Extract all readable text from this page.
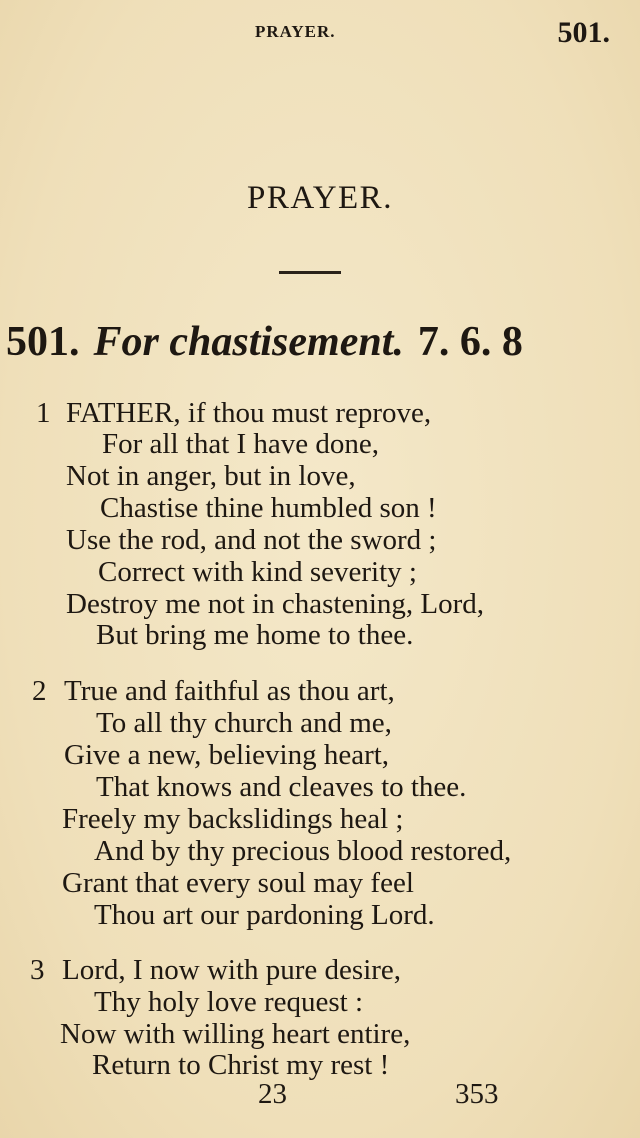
PRAYER.	501.
PRAYER.
501. For chastisement. 7. 6. 8
1 FATHER, if thou must reprove,
For all that I have done,
Not in anger, but in love,
Chastise thine humbled son !
Use the rod, and not the sword ;
Correct with kind severity ;
Destroy me not in chastening, Lord,
But bring me home to thee.
2 True and faithful as thou art,
To all thy church and me,
Give a new, believing heart,
That knows and cleaves to thee.
Freely my backslidings heal ;
And by thy precious blood restored,
Grant that every soul may feel
Thou art our pardoning Lord.
3 Lord, I now with pure desire,
Thy holy love request :
Now with willing heart entire,
Return to Christ my rest !
23	353
